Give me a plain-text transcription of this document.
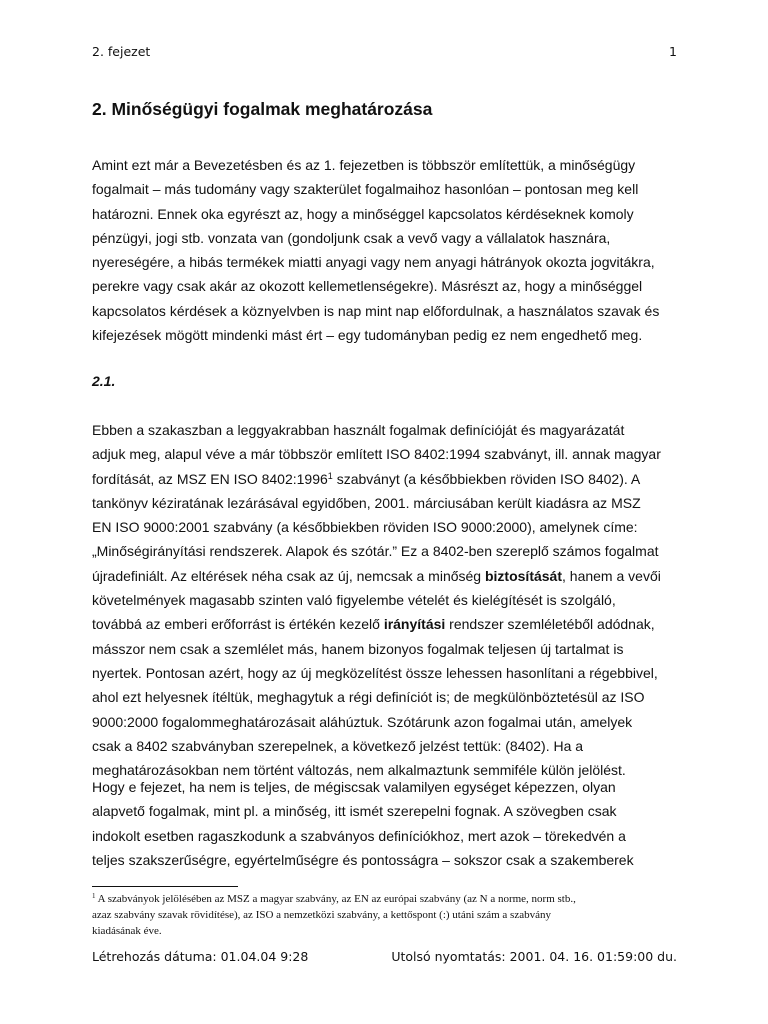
2. fejezet	1
2. Minőségügyi fogalmak meghatározása

Amint ezt már a Bevezetésben és az 1. fejezetben is többször említettük, a minőségügy
fogalmait – más tudomány vagy szakterület fogalmaihoz hasonlóan – pontosan meg kell
határozni. Ennek oka egyrészt az, hogy a minőséggel kapcsolatos kérdéseknek komoly
pénzügyi, jogi stb. vonzata van (gondoljunk csak a vevő vagy a vállalatok hasznára,
nyereségére, a hibás termékek miatti anyagi vagy nem anyagi hátrányok okozta jogvitákra,
perekre vagy csak akár az okozott kellemetlenségekre). Másrészt az, hogy a minőséggel
kapcsolatos kérdések a köznyelvben is nap mint nap előfordulnak, a használatos szavak és
kifejezések mögött mindenki mást ért – egy tudományban pedig ez nem engedhető meg.

2.1.

Ebben a szakaszban a leggyakrabban használt fogalmak definícióját és magyarázatát
adjuk meg, alapul véve a már többször említett ISO 8402:1994 szabványt, ill. annak magyar
fordítását, az MSZ EN ISO 8402:1996$^1$ szabványt (a későbbiekben röviden ISO 8402). A
tankönyv kéziratának lezárásával egyidőben, 2001. márciusában került kiadásra az MSZ
EN ISO 9000:2001 szabvány (a későbbiekben röviden ISO 9000:2000), amelynek címe:
„Minőségirányítási rendszerek. Alapok és szótár.” Ez a 8402-ben szereplő számos fogalmat
újradefiniált. Az eltérések néha csak az új, nemcsak a minőség biztosítását, hanem a vevői
követelmények magasabb szinten való figyelembe vételét és kielégítését is szolgáló,
továbbá az emberi erőforrást is értékén kezelő irányítási rendszer szemléletéből adódnak,
másszor nem csak a szemlélet más, hanem bizonyos fogalmak teljesen új tartalmat is
nyertek. Pontosan azért, hogy az új megközelítést össze lehessen hasonlítani a régebbivel,
ahol ezt helyesnek ítéltük, meghagytuk a régi definíciót is; de megkülönböztetésül az ISO
9000:2000 fogalommeghatározásait aláhúztuk. Szótárunk azon fogalmai után, amelyek
csak a 8402 szabványban szerepelnek, a következő jelzést tettük: (8402). Ha a
meghatározásokban nem történt változás, nem alkalmaztunk semmiféle külön jelölést.

Hogy e fejezet, ha nem is teljes, de mégiscsak valamilyen egységet képezzen, olyan
alapvető fogalmak, mint pl. a minőség, itt ismét szerepelni fognak. A szövegben csak
indokolt esetben ragaszkodunk a szabványos definíciókhoz, mert azok – törekedvén a
teljes szakszerűségre, egyértelműségre és pontosságra – sokszor csak a szakemberek

$^1$ A szabványok jelölésében az MSZ a magyar szabvány, az EN az európai szabvány (az N a norme, norm stb.,
azaz szabvány szavak rövidítése), az ISO a nemzetközi szabvány, a kettőspont (:) utáni szám a szabvány
kiadásának éve.

Létrehozás dátuma: 01.04.04 9:28	Utolsó nyomtatás: 2001. 04. 16. 01:59:00 du.
